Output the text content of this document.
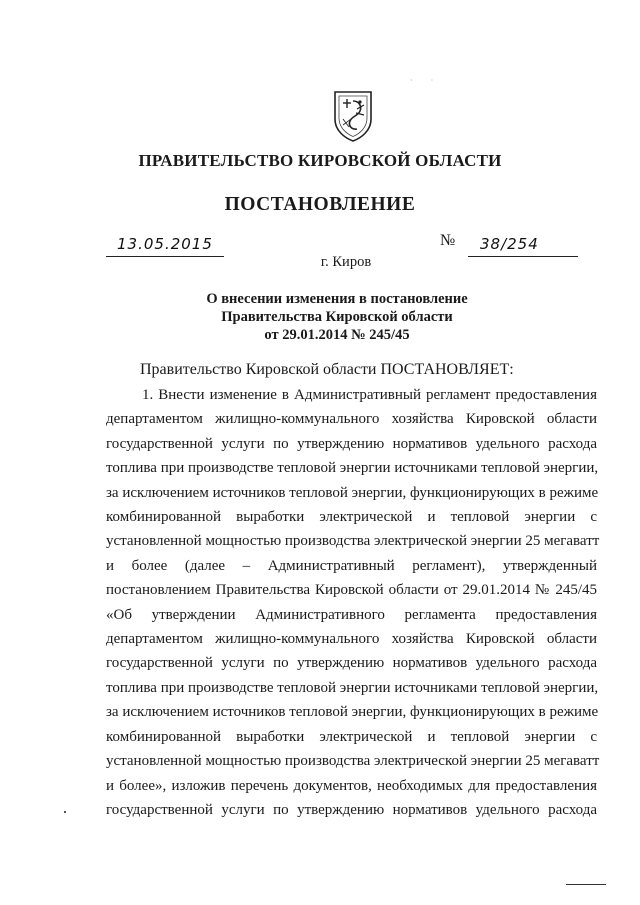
· ·
ПРАВИТЕЛЬСТВО КИРОВСКОЙ ОБЛАСТИ
ПОСТАНОВЛЕНИЕ
13.05.2015	№ 38/254
г. Киров
О внесении изменения в постановление
Правительства Кировской области
от 29.01.2014 № 245/45
Правительство Кировской области ПОСТАНОВЛЯЕТ:
1. Внести изменение в Административный регламент предоставления
департаментом жилищно-коммунального хозяйства Кировской области
государственной услуги по утверждению нормативов удельного расхода
топлива при производстве тепловой энергии источниками тепловой энергии,
за исключением источников тепловой энергии, функционирующих в режиме
комбинированной выработки электрической и тепловой энергии с
установленной мощностью производства электрической энергии 25 мегаватт
и более (далее – Административный регламент), утвержденный
постановлением Правительства Кировской области от 29.01.2014 № 245/45
«Об утверждении Административного регламента предоставления
департаментом жилищно-коммунального хозяйства Кировской области
государственной услуги по утверждению нормативов удельного расхода
топлива при производстве тепловой энергии источниками тепловой энергии,
за исключением источников тепловой энергии, функционирующих в режиме
комбинированной выработки электрической и тепловой энергии с
установленной мощностью производства электрической энергии 25 мегаватт
и более», изложив перечень документов, необходимых для предоставления
государственной услуги по утверждению нормативов удельного расхода
